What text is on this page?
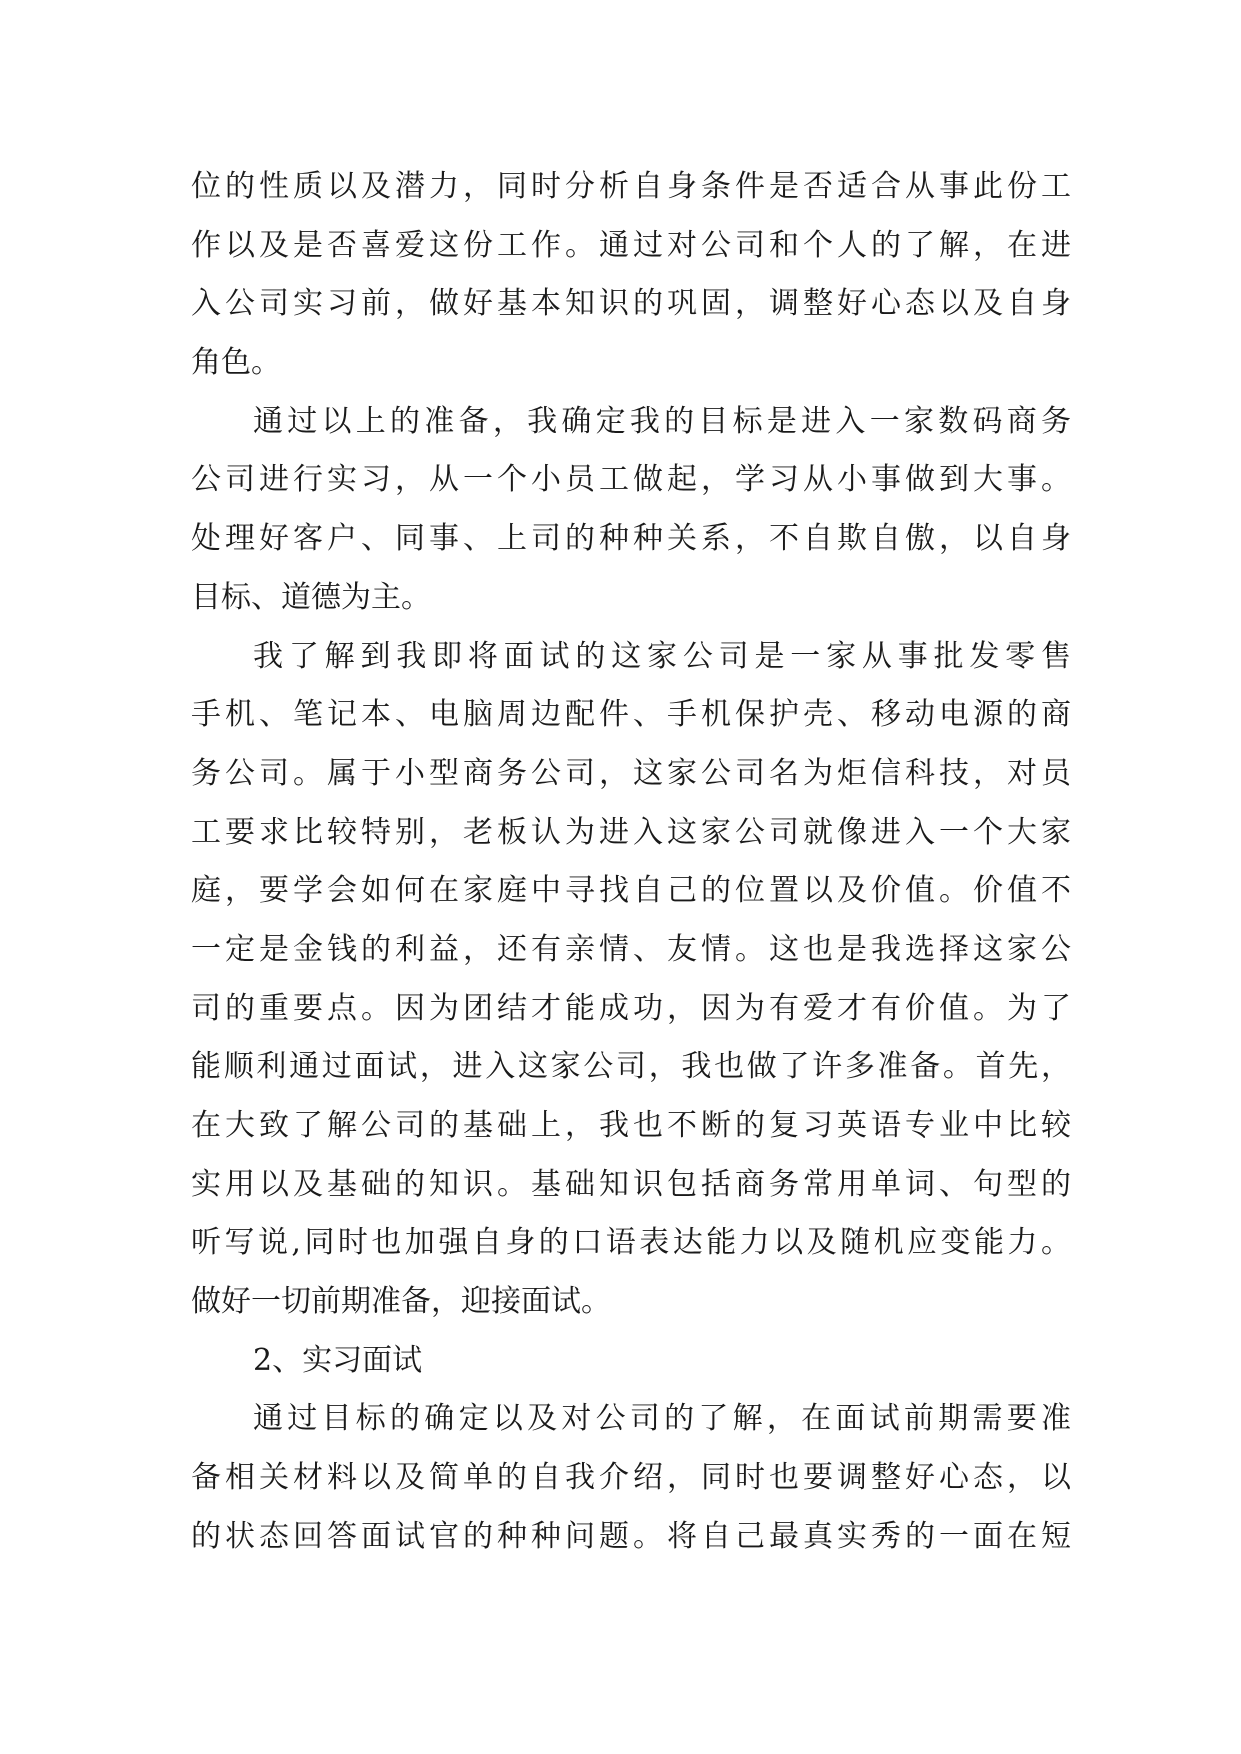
位的性质以及潜力，同时分析自身条件是否适合从事此份工
作以及是否喜爱这份工作。通过对公司和个人的了解，在进
入公司实习前，做好基本知识的巩固，调整好心态以及自身
角色。
通过以上的准备，我确定我的目标是进入一家数码商务
公司进行实习，从一个小员工做起，学习从小事做到大事。
处理好客户、同事、上司的种种关系，不自欺自傲，以自身
目标、道德为主。
我了解到我即将面试的这家公司是一家从事批发零售
手机、笔记本、电脑周边配件、手机保护壳、移动电源的商
务公司。属于小型商务公司，这家公司名为炬信科技，对员
工要求比较特别，老板认为进入这家公司就像进入一个大家
庭，要学会如何在家庭中寻找自己的位置以及价值。价值不
一定是金钱的利益，还有亲情、友情。这也是我选择这家公
司的重要点。因为团结才能成功，因为有爱才有价值。为了
能顺利通过面试，进入这家公司，我也做了许多准备。首先，
在大致了解公司的基础上，我也不断的复习英语专业中比较
实用以及基础的知识。基础知识包括商务常用单词、句型的
听写说,同时也加强自身的口语表达能力以及随机应变能力。
做好一切前期准备，迎接面试。
2、实习面试
通过目标的确定以及对公司的了解，在面试前期需要准
备相关材料以及简单的自我介绍，同时也要调整好心态，以
的状态回答面试官的种种问题。将自己最真实秀的一面在短
